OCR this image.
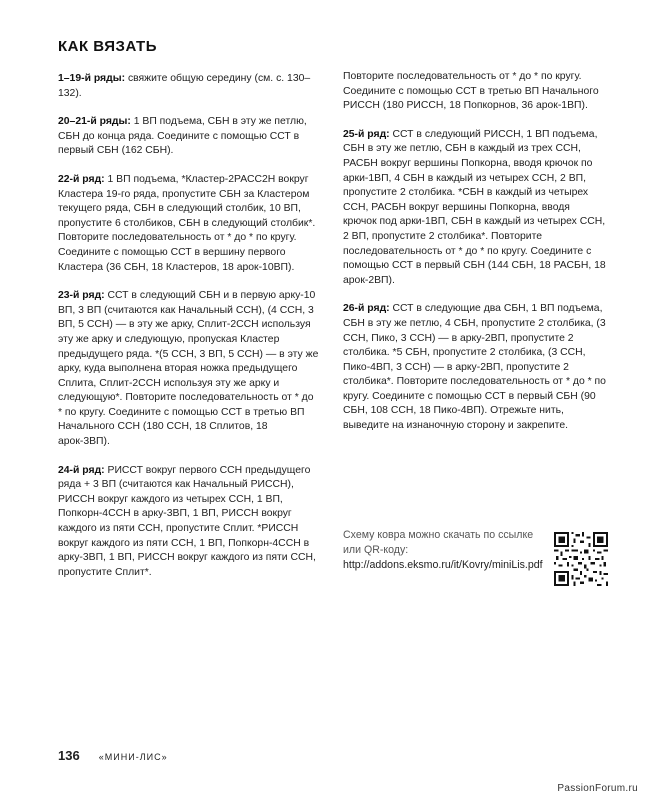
КАК ВЯЗАТЬ

1–19-й ряды: свяжите общую середину (см. с. 130–132).

20–21-й ряды: 1 ВП подъема, СБН в эту же петлю, СБН до конца ряда. Соедините с помощью ССТ в первый СБН (162 СБН).

22-й ряд: 1 ВП подъема, *Кластер-2РАСС2Н вокруг Кластера 19-го ряда, пропустите СБН за Кластером текущего ряда, СБН в следующий столбик, 10 ВП, пропустите 6 столбиков, СБН в следующий столбик*. Повторите последовательность от * до * по кругу. Соедините с помощью ССТ в вершину первого Кластера (36 СБН, 18 Кластеров, 18 арок-10ВП).

23-й ряд: ССТ в следующий СБН и в первую арку-10 ВП, 3 ВП (считаются как Начальный ССН), (4 ССН, 3 ВП, 5 ССН) — в эту же арку, Сплит-2ССН используя эту же арку и следующую, пропуская Кластер предыдущего ряда. *(5 ССН, 3 ВП, 5 ССН) — в эту же арку, куда выполнена вторая ножка предыдущего Сплита, Сплит-2ССН используя эту же арку и следующую*. Повторите последовательность от * до * по кругу. Соедините с помощью ССТ в третью ВП Начального ССН (180 ССН, 18 Сплитов, 18 арок-3ВП).

24-й ряд: РИССТ вокруг первого ССН предыдущего ряда + 3 ВП (считаются как Начальный РИССН), РИССН вокруг каждого из четырех ССН, 1 ВП, Попкорн-4ССН в арку-3ВП, 1 ВП, РИССН вокруг каждого из пяти ССН, пропустите Сплит. *РИССН вокруг каждого из пяти ССН, 1 ВП, Попкорн-4ССН в арку-3ВП, 1 ВП, РИССН вокруг каждого из пяти ССН, пропустите Сплит*.

Повторите последовательность от * до * по кругу. Соедините с помощью ССТ в третью ВП Начального РИССН (180 РИССН, 18 Попкорнов, 36 арок-1ВП).

25-й ряд: ССТ в следующий РИССН, 1 ВП подъема, СБН в эту же петлю, СБН в каждый из трех ССН, РАСБН вокруг вершины Попкорна, вводя крючок по арки-1ВП, 4 СБН в каждый из четырех ССН, 2 ВП, пропустите 2 столбика. *СБН в каждый из четырех ССН, РАСБН вокруг вершины Попкорна, вводя крючок под арки-1ВП, СБН в каждый из четырех ССН, 2 ВП, пропустите 2 столбика*. Повторите последовательность от * до * по кругу. Соедините с помощью ССТ в первый СБН (144 СБН, 18 РАСБН, 18 арок-2ВП).

26-й ряд: ССТ в следующие два СБН, 1 ВП подъема, СБН в эту же петлю, 4 СБН, пропустите 2 столбика, (3 ССН, Пико, 3 ССН) — в арку-2ВП, пропустите 2 столбика. *5 СБН, пропустите 2 столбика, (3 ССН, Пико-4ВП, 3 ССН) — в арку-2ВП, пропустите 2 столбика*. Повторите последовательность от * до * по кругу. Соедините с помощью ССТ в первый СБН (90 СБН, 108 ССН, 18 Пико-4ВП). Отрежьте нить, выведите на изнаночную сторону и закрепите.

Схему ковра можно скачать по ссылке или QR-коду:
http://addons.eksmo.ru/it/Kovry/miniLis.pdf
136 «МИНИ-ЛИС»
PassionForum.ru
